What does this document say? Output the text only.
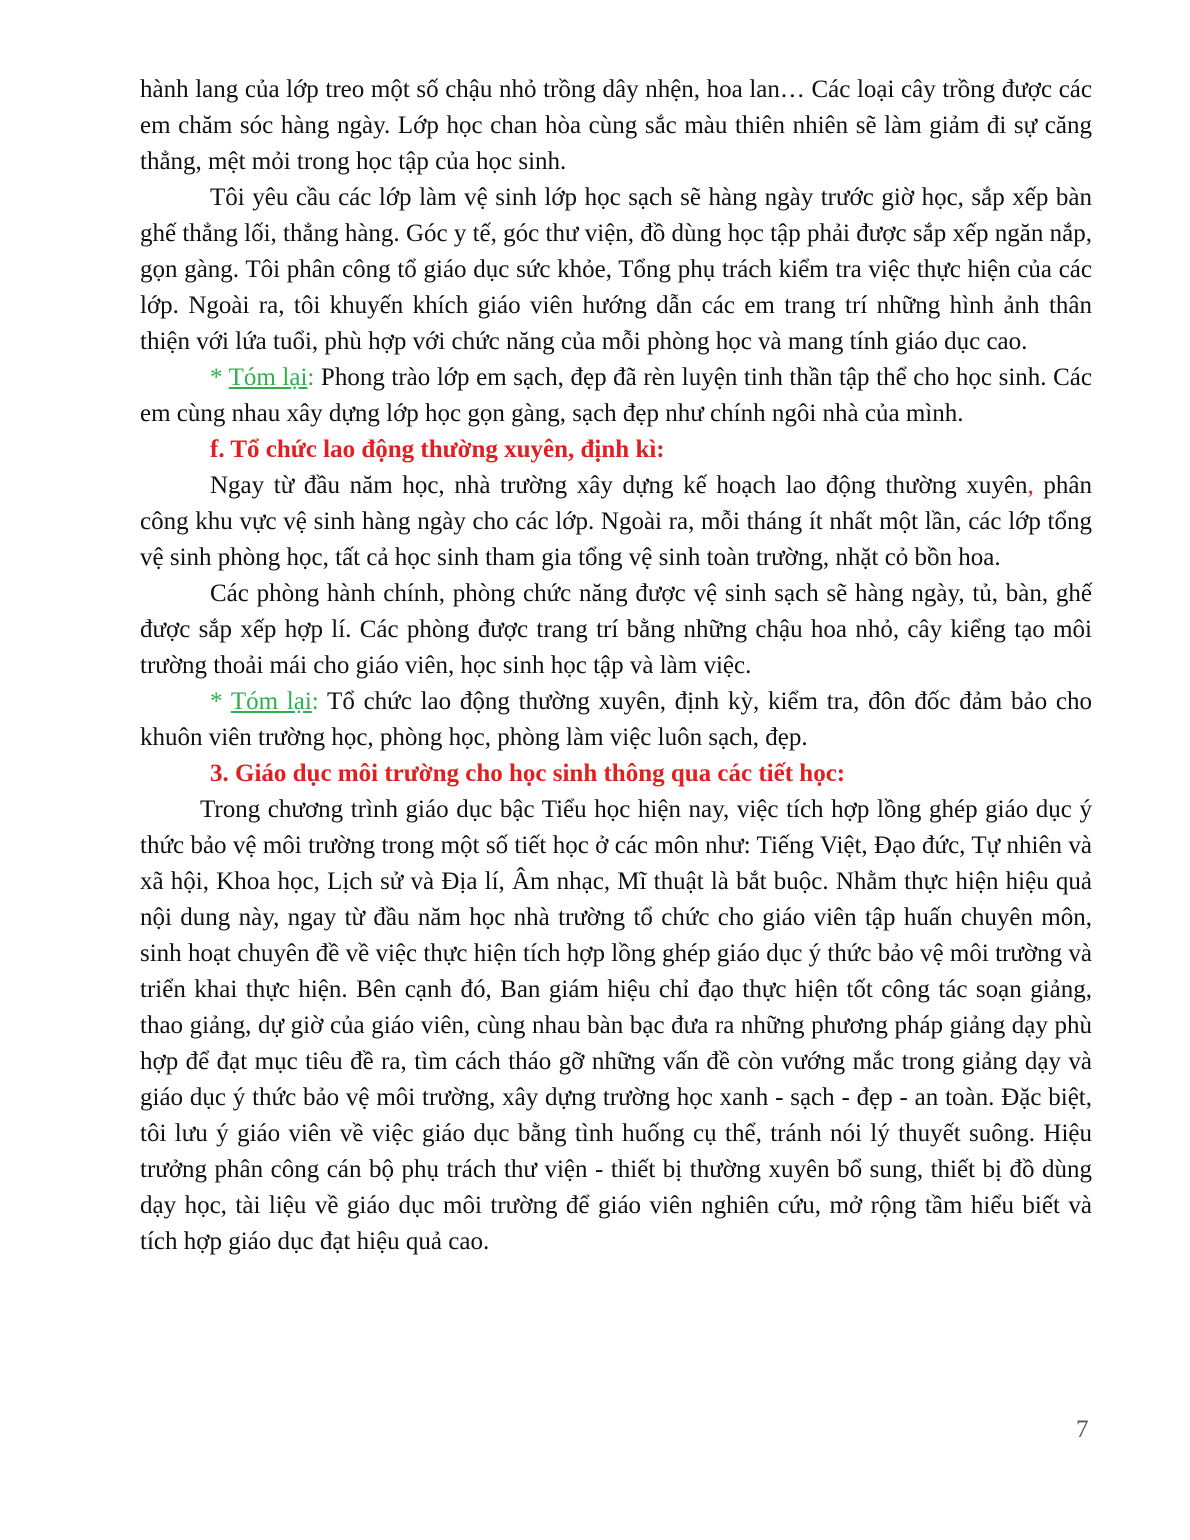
hành lang của lớp treo một số chậu nhỏ trồng dây nhện, hoa lan… Các loại cây trồng được các em chăm sóc hàng ngày. Lớp học chan hòa cùng sắc màu thiên nhiên sẽ làm giảm đi sự căng thẳng, mệt mỏi trong học tập của học sinh.

Tôi yêu cầu các lớp làm vệ sinh lớp học sạch sẽ hàng ngày trước giờ học, sắp xếp bàn ghế thẳng lối, thẳng hàng. Góc y tế, góc thư viện, đồ dùng học tập phải được sắp xếp ngăn nắp, gọn gàng. Tôi phân công tổ giáo dục sức khỏe, Tổng phụ trách kiểm tra việc thực hiện của các lớp. Ngoài ra, tôi khuyến khích giáo viên hướng dẫn các em trang trí những hình ảnh thân thiện với lứa tuổi, phù hợp với chức năng của mỗi phòng học và mang tính giáo dục cao.

* Tóm lại: Phong trào lớp em sạch, đẹp đã rèn luyện tinh thần tập thể cho học sinh. Các em cùng nhau xây dựng lớp học gọn gàng, sạch đẹp như chính ngôi nhà của mình.

f. Tổ chức lao động thường xuyên, định kì:

Ngay từ đầu năm học, nhà trường xây dựng kế hoạch lao động thường xuyên, phân công khu vực vệ sinh hàng ngày cho các lớp. Ngoài ra, mỗi tháng ít nhất một lần, các lớp tổng vệ sinh phòng học, tất cả học sinh tham gia tổng vệ sinh toàn trường, nhặt cỏ bồn hoa.

Các phòng hành chính, phòng chức năng được vệ sinh sạch sẽ hàng ngày, tủ, bàn, ghế được sắp xếp hợp lí. Các phòng được trang trí bằng những chậu hoa nhỏ, cây kiểng tạo môi trường thoải mái cho giáo viên, học sinh học tập và làm việc.

* Tóm lại: Tổ chức lao động thường xuyên, định kỳ, kiểm tra, đôn đốc đảm bảo cho khuôn viên trường học, phòng học, phòng làm việc luôn sạch, đẹp.

3. Giáo dục môi trường cho học sinh thông qua các tiết học:

Trong chương trình giáo dục bậc Tiểu học hiện nay, việc tích hợp lồng ghép giáo dục ý thức bảo vệ môi trường trong một số tiết học ở các môn như: Tiếng Việt, Đạo đức, Tự nhiên và xã hội, Khoa học, Lịch sử và Địa lí, Âm nhạc, Mĩ thuật là bắt buộc. Nhằm thực hiện hiệu quả nội dung này, ngay từ đầu năm học nhà trường tổ chức cho giáo viên tập huấn chuyên môn, sinh hoạt chuyên đề về việc thực hiện tích hợp lồng ghép giáo dục ý thức bảo vệ môi trường và triển khai thực hiện. Bên cạnh đó, Ban giám hiệu chỉ đạo thực hiện tốt công tác soạn giảng, thao giảng, dự giờ của giáo viên, cùng nhau bàn bạc đưa ra những phương pháp giảng dạy phù hợp để đạt mục tiêu đề ra, tìm cách tháo gỡ những vấn đề còn vướng mắc trong giảng dạy và giáo dục ý thức bảo vệ môi trường, xây dựng trường học xanh - sạch - đẹp - an toàn. Đặc biệt, tôi lưu ý giáo viên về việc giáo dục bằng tình huống cụ thể, tránh nói lý thuyết suông. Hiệu trưởng phân công cán bộ phụ trách thư viện - thiết bị thường xuyên bổ sung, thiết bị đồ dùng dạy học, tài liệu về giáo dục môi trường để giáo viên nghiên cứu, mở rộng tầm hiểu biết và tích hợp giáo dục đạt hiệu quả cao.

7
